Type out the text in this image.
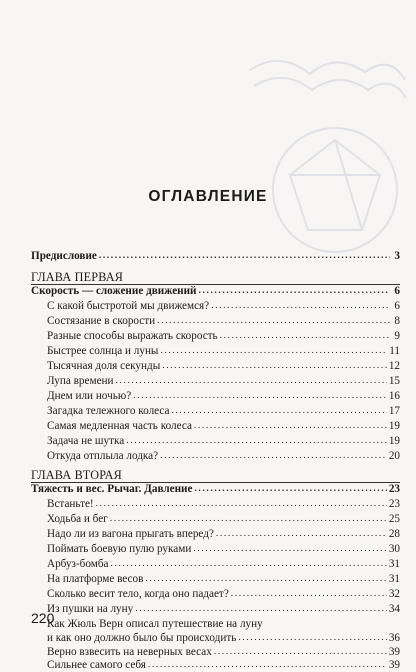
ОГЛАВЛЕНИЕ
Предисловие .....	3
ГЛАВА ПЕРВАЯ
Скорость — сложение движений .....	6
С какой быстротой мы движемся? .....	6
Состязание в скорости .....	8
Разные способы выражать скорость .....	9
Быстрее солнца и луны .....	11
Тысячная доля секунды .....	12
Лупа времени .....	15
Днем или ночью? .....	16
Загадка тележного колеса .....	17
Самая медленная часть колеса .....	19
Задача не шутка .....	19
Откуда отплыла лодка? .....	20
ГЛАВА ВТОРАЯ
Тяжесть и вес. Рычаг. Давление .....	23
Встаньте! .....	23
Ходьба и бег .....	25
Надо ли из вагона прыгать вперед? .....	28
Поймать боевую пулю руками .....	30
Арбуз-бомба .....	31
На платформе весов .....	31
Сколько весит тело, когда оно падает? .....	32
Из пушки на луну .....	34
Как Жюль Верн описал путешествие на луну
и как оно должно было бы происходить .....	36
Верно взвесить на неверных весах .....	39
Сильнее самого себя .....	39
220
